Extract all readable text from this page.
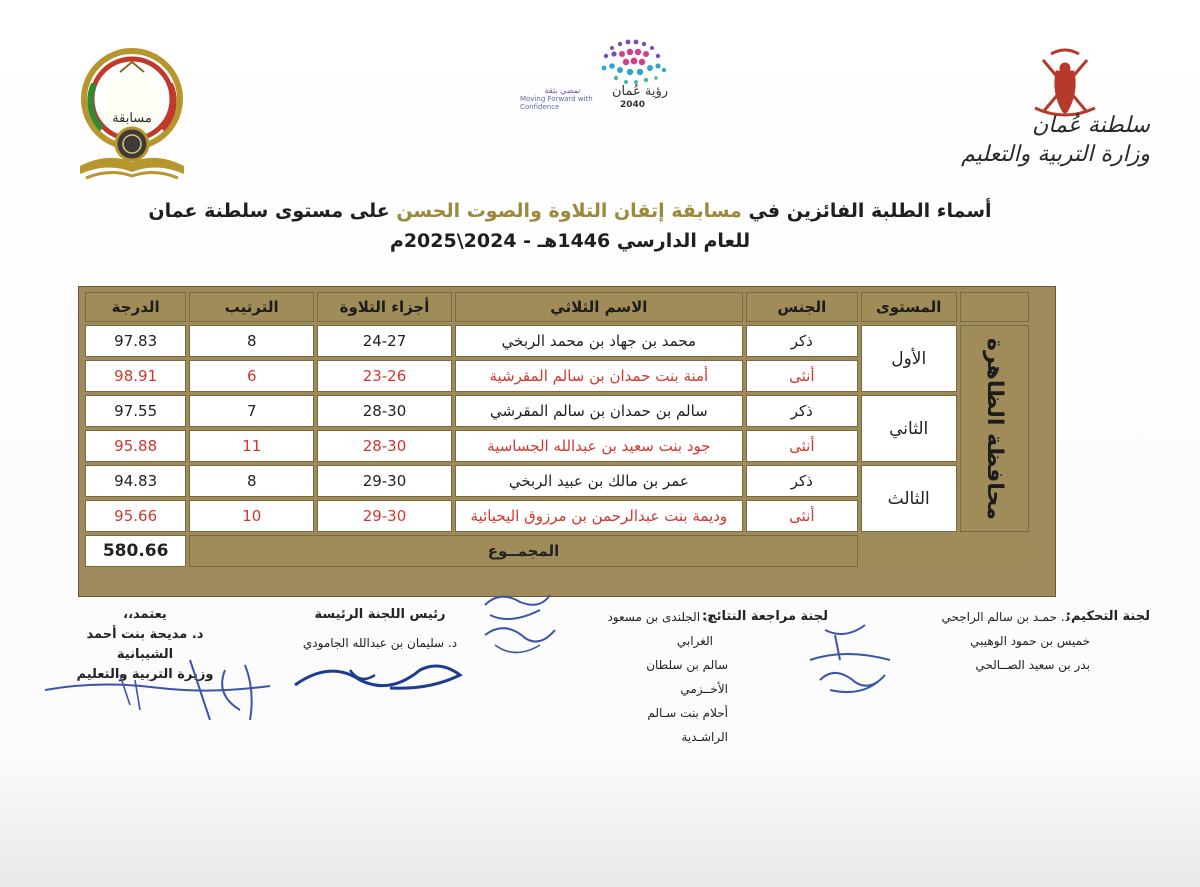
مسابقة
رؤية عُمان
2040
نمضي بثقة
Moving Forward with Confidence
سلطنة عُمان
وزارة التربية والتعليم
أسماء الطلبة الفائزين في مسابقة إتقان التلاوة والصوت الحسن على مستوى سلطنة عمان
للعام الدارسي 1446هـ - 2024\2025م
	المستوى	الجنس	الاسم الثلاثي	أجزاء التلاوة	الترتيب	الدرجة
محافظة الظاهرة	الأول	ذكر	محمد بن جهاد بن محمد الربخي	24-27	8	97.83
		أنثى	أمنة بنت حمدان بن سالم المقرشية	23-26	6	98.91
	الثاني	ذكر	سالم بن حمدان بن سالم المقرشي	28-30	7	97.55
		أنثى	جود بنت سعيد بن عبدالله الجساسية	28-30	11	95.88
	الثالث	ذكر	عمر بن مالك بن عبيد الربخي	29-30	8	94.83
		أنثى	وديمة بنت عبدالرحمن بن مرزوق اليحيائية	29-30	10	95.66
		المجمــوع				580.66
لجنة التحكيم:
د. حمـد بن سالم الراجحي
خميس بن حمود الوهيبي
بدر بن سعيد الصــالحي
لجنة مراجعة النتائج:
د. الجلندى بن مسعود الغرابي
سالم بن سلطان الأخــزمي
أحلام بنت سـالم الراشـدية
رئيس اللجنة الرئيسة
د. سليمان بن عبدالله الجامودي
يعتمد،،
د. مديحة بنت أحمد الشيبانية
وزيرة التربية والتعليم
